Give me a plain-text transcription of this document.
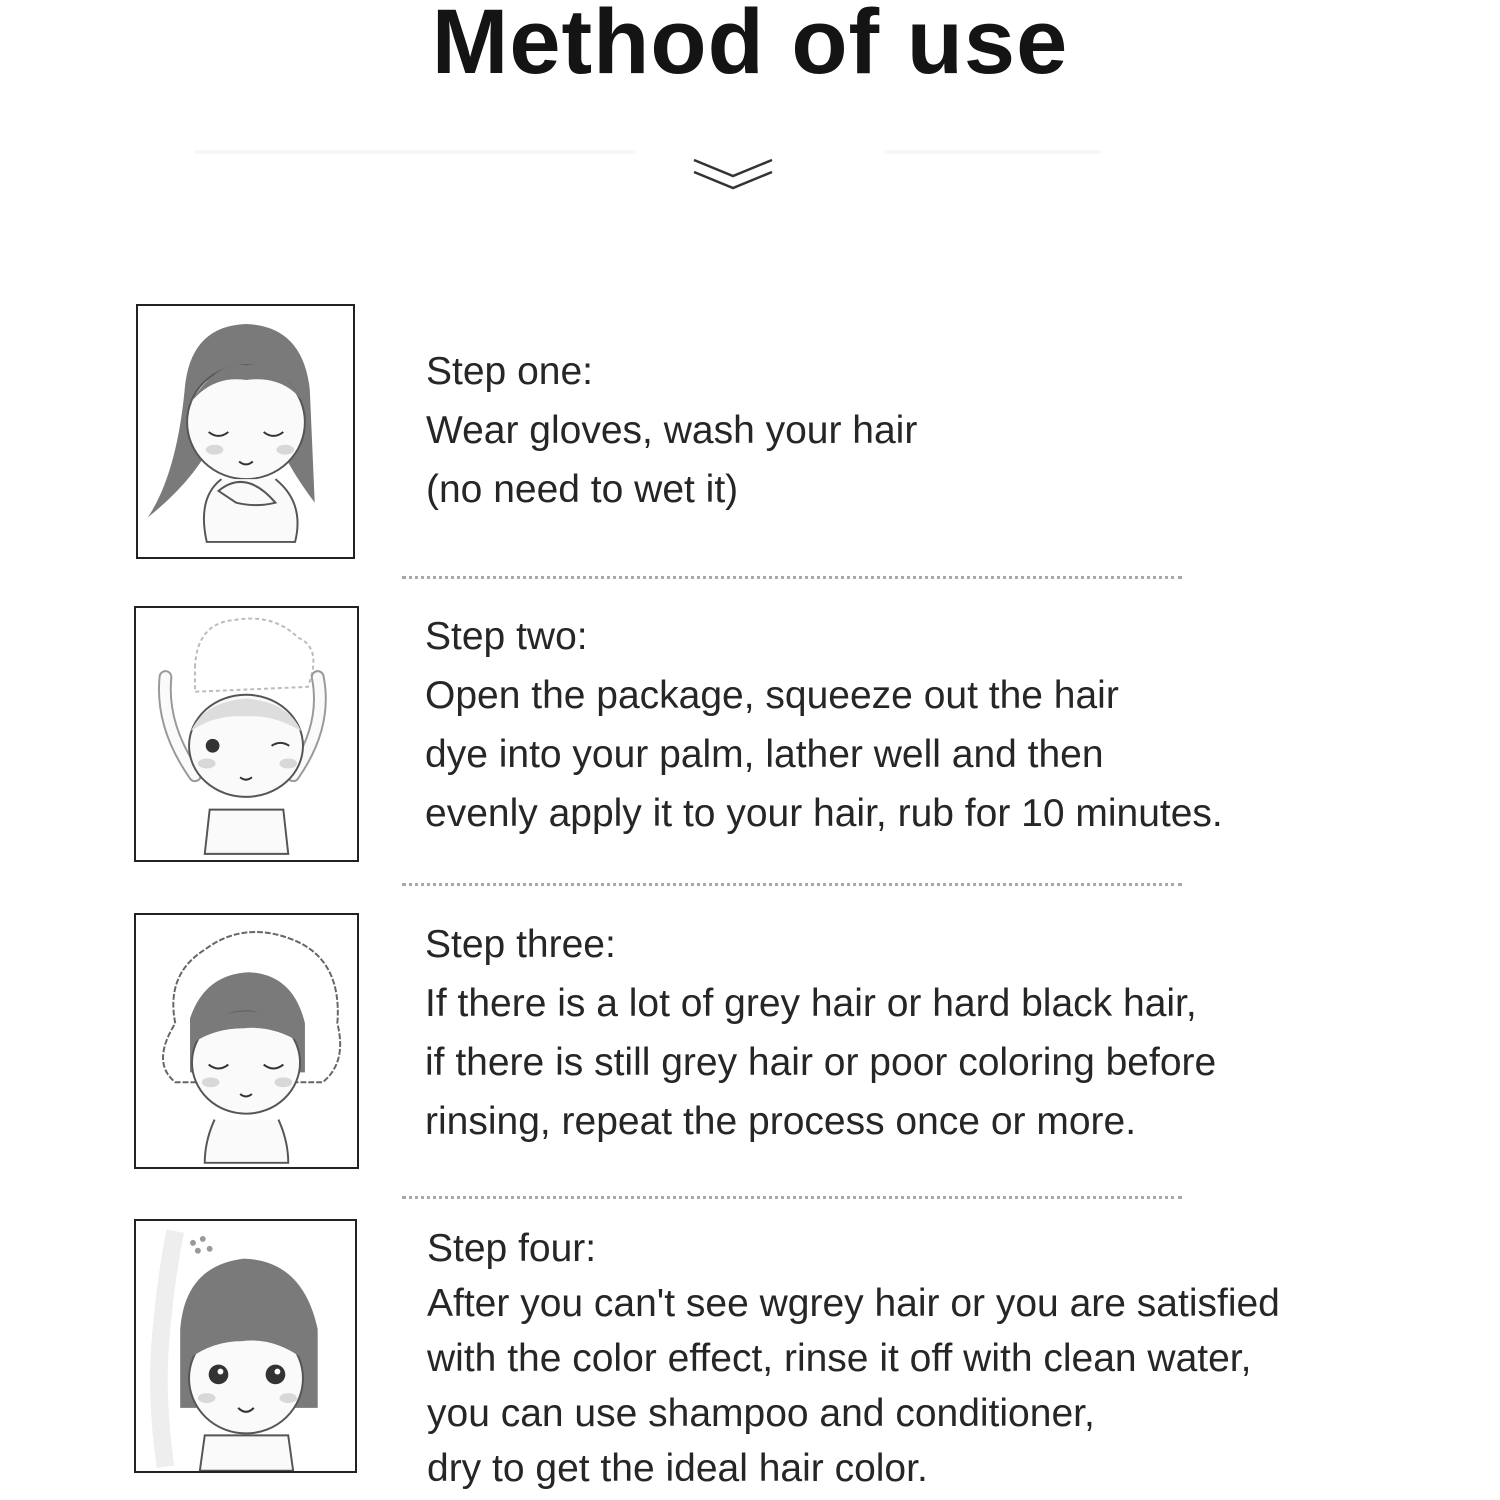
Method of use
Step one:
Wear gloves, wash your hair
(no need to wet it)
Step two:
Open the package, squeeze out the hair
dye into your palm, lather well and then
evenly apply it to your hair, rub for 10 minutes.
Step three:
If there is a lot of grey hair or hard black hair,
if there is still grey hair or poor coloring before
rinsing, repeat the process once or more.
Step four:
After you can't see wgrey hair or you are satisfied
with the color effect, rinse it off with clean water,
you can use shampoo and conditioner,
dry to get the ideal hair color.
